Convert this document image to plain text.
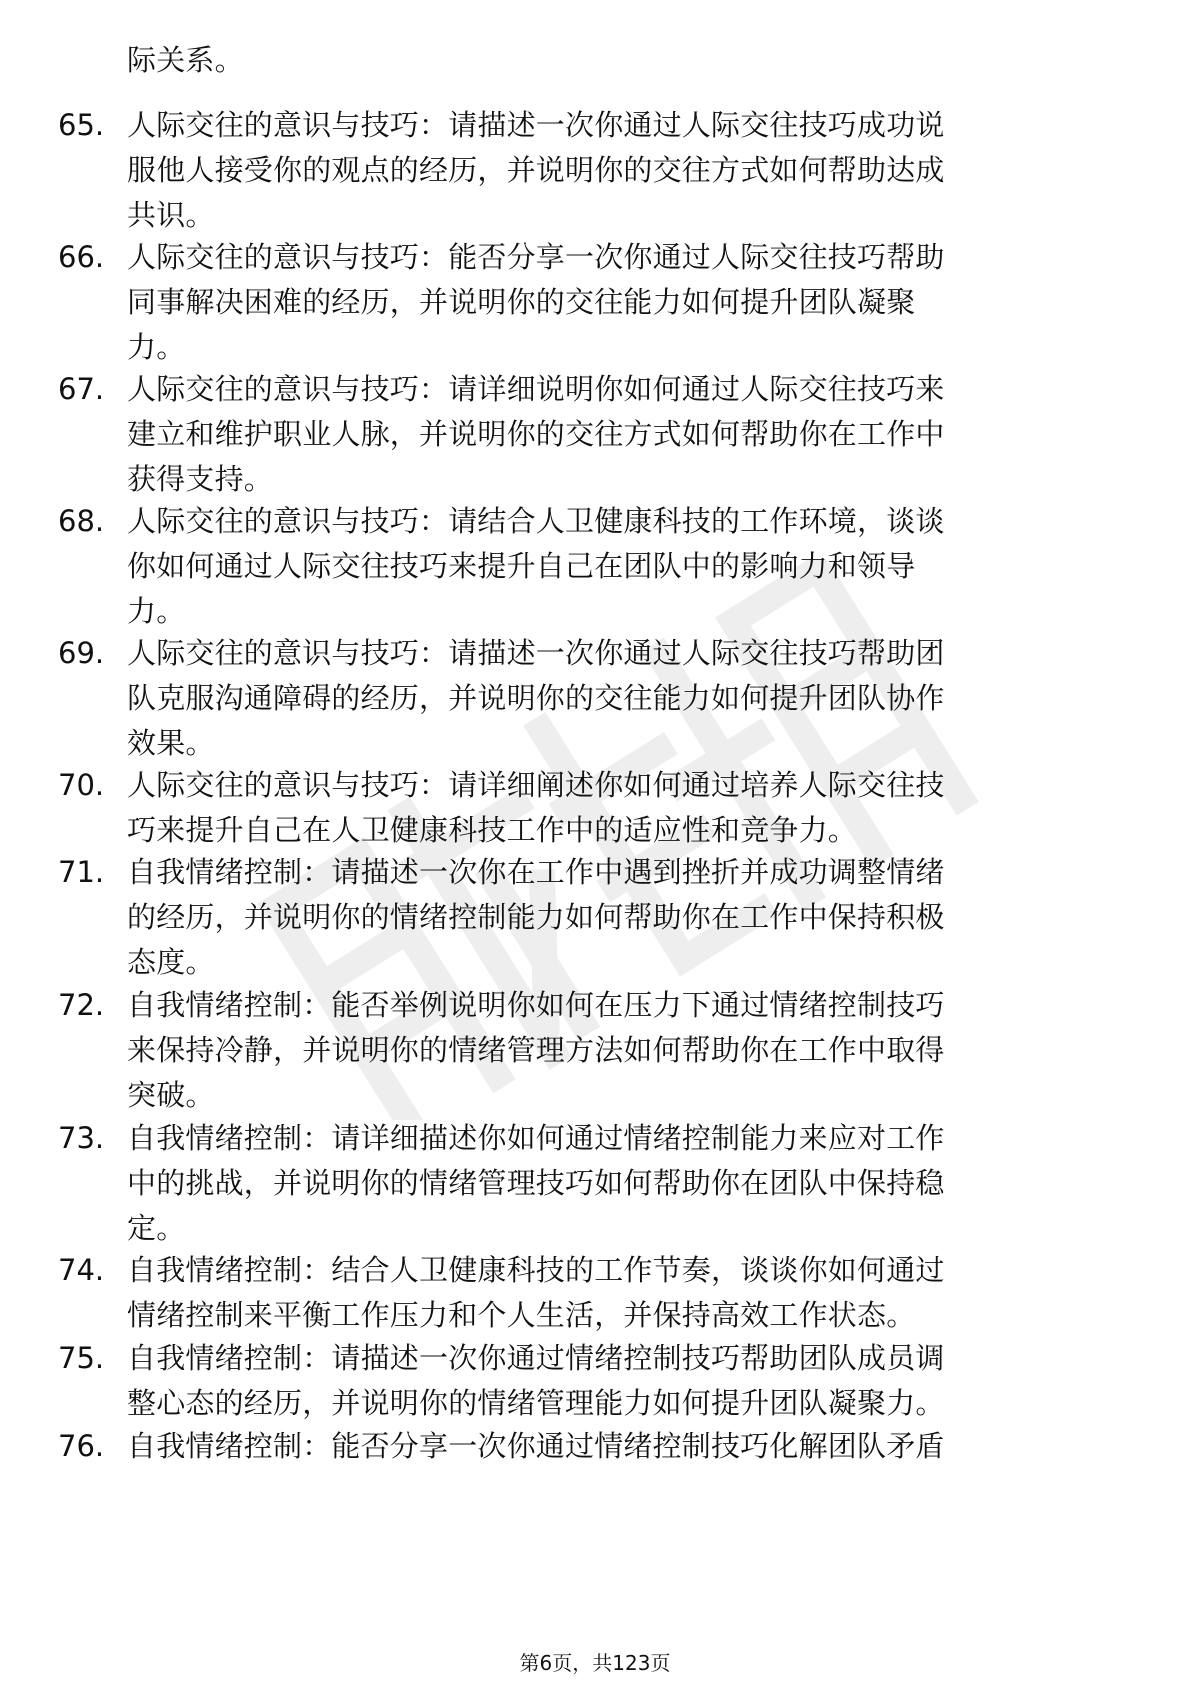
际关系。
65. 人际交往的意识与技巧：请描述一次你通过人际交往技巧成功说
服他人接受你的观点的经历，并说明你的交往方式如何帮助达成
共识。
66. 人际交往的意识与技巧：能否分享一次你通过人际交往技巧帮助
同事解决困难的经历，并说明你的交往能力如何提升团队凝聚
力。
67. 人际交往的意识与技巧：请详细说明你如何通过人际交往技巧来
建立和维护职业人脉，并说明你的交往方式如何帮助你在工作中
获得支持。
68. 人际交往的意识与技巧：请结合人卫健康科技的工作环境，谈谈
你如何通过人际交往技巧来提升自己在团队中的影响力和领导
力。
69. 人际交往的意识与技巧：请描述一次你通过人际交往技巧帮助团
队克服沟通障碍的经历，并说明你的交往能力如何提升团队协作
效果。
70. 人际交往的意识与技巧：请详细阐述你如何通过培养人际交往技
巧来提升自己在人卫健康科技工作中的适应性和竞争力。
71. 自我情绪控制：请描述一次你在工作中遇到挫折并成功调整情绪
的经历，并说明你的情绪控制能力如何帮助你在工作中保持积极
态度。
72. 自我情绪控制：能否举例说明你如何在压力下通过情绪控制技巧
来保持冷静，并说明你的情绪管理方法如何帮助你在工作中取得
突破。
73. 自我情绪控制：请详细描述你如何通过情绪控制能力来应对工作
中的挑战，并说明你的情绪管理技巧如何帮助你在团队中保持稳
定。
74. 自我情绪控制：结合人卫健康科技的工作节奏，谈谈你如何通过
情绪控制来平衡工作压力和个人生活，并保持高效工作状态。
75. 自我情绪控制：请描述一次你通过情绪控制技巧帮助团队成员调
整心态的经历，并说明你的情绪管理能力如何提升团队凝聚力。
76. 自我情绪控制：能否分享一次你通过情绪控制技巧化解团队矛盾
第6页，共123页
